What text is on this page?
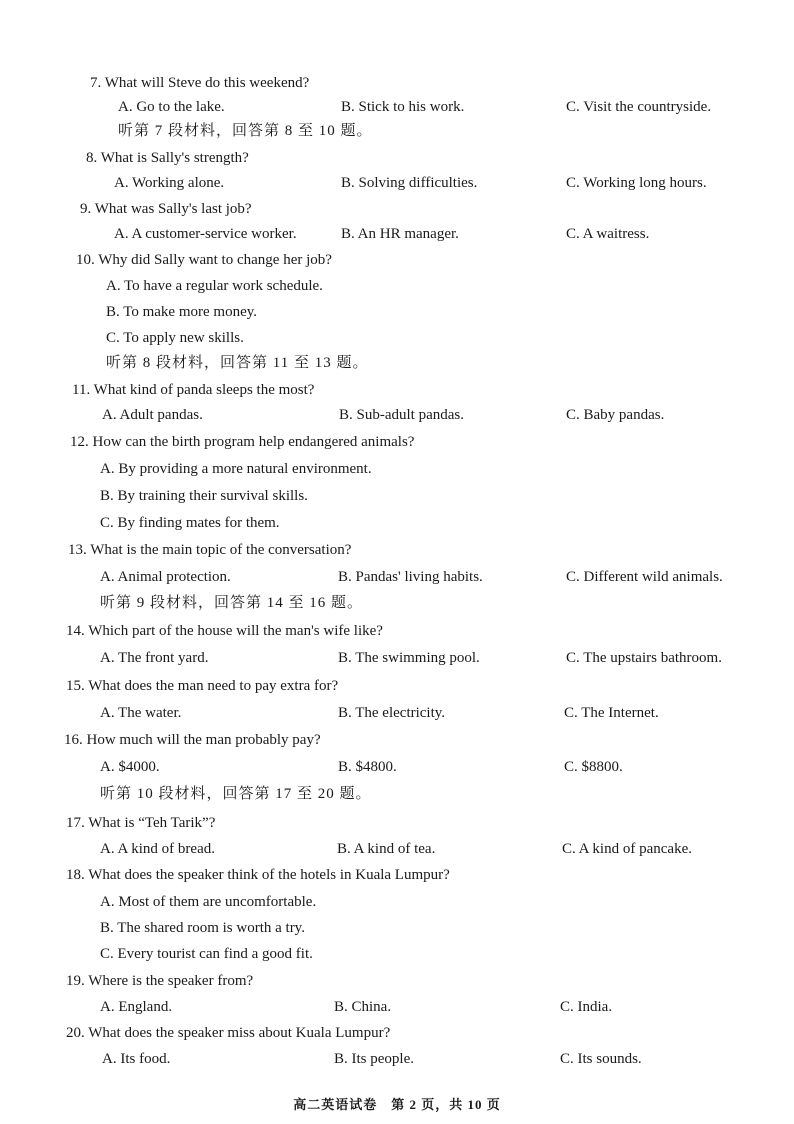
7. What will Steve do this weekend?
A. Go to the lake.	B. Stick to his work.	C. Visit the countryside.
听第 7 段材料，回答第 8 至 10 题。
8. What is Sally's strength?
A. Working alone.	B. Solving difficulties.	C. Working long hours.
9. What was Sally's last job?
A. A customer-service worker.	B. An HR manager.	C. A waitress.
10. Why did Sally want to change her job?
A. To have a regular work schedule.
B. To make more money.
C. To apply new skills.
听第 8 段材料，回答第 11 至 13 题。
11. What kind of panda sleeps the most?
A. Adult pandas.	B. Sub-adult pandas.	C. Baby pandas.
12. How can the birth program help endangered animals?
A. By providing a more natural environment.
B. By training their survival skills.
C. By finding mates for them.
13. What is the main topic of the conversation?
A. Animal protection.	B. Pandas' living habits.	C. Different wild animals.
听第 9 段材料，回答第 14 至 16 题。
14. Which part of the house will the man's wife like?
A. The front yard.	B. The swimming pool.	C. The upstairs bathroom.
15. What does the man need to pay extra for?
A. The water.	B. The electricity.	C. The Internet.
16. How much will the man probably pay?
A. $4000.	B. $4800.	C. $8800.
听第 10 段材料，回答第 17 至 20 题。
17. What is “Teh Tarik”?
A. A kind of bread.	B. A kind of tea.	C. A kind of pancake.
18. What does the speaker think of the hotels in Kuala Lumpur?
A. Most of them are uncomfortable.
B. The shared room is worth a try.
C. Every tourist can find a good fit.
19. Where is the speaker from?
A. England.	B. China.	C. India.
20. What does the speaker miss about Kuala Lumpur?
A. Its food.	B. Its people.	C. Its sounds.
高二英语试卷　第 2 页，共 10 页
